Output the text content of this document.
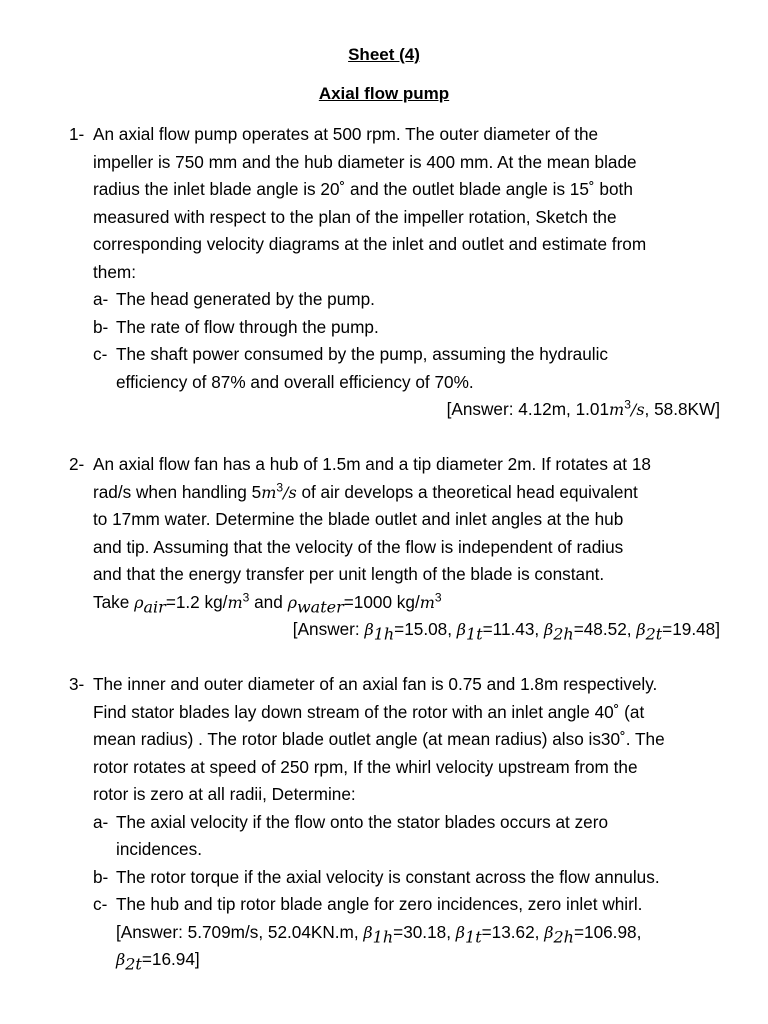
Sheet (4)
Axial flow pump
1- An axial flow pump operates at 500 rpm. The outer diameter of the
impeller is 750 mm and the hub diameter is 400 mm. At the mean blade
radius the inlet blade angle is 20˚ and the outlet blade angle is 15˚ both
measured with respect to the plan of the impeller rotation, Sketch the
corresponding velocity diagrams at the inlet and outlet and estimate from
them:
a- The head generated by the pump.
b- The rate of flow through the pump.
c- The shaft power consumed by the pump, assuming the hydraulic
efficiency of 87% and overall efficiency of 70%.
[Answer: 4.12m, $1.01m^3/s$, 58.8KW]
2- An axial flow fan has a hub of 1.5m and a tip diameter 2m. If rotates at 18
rad/s when handling $5m^3/s$ of air develops a theoretical head equivalent
to 17mm water. Determine the blade outlet and inlet angles at the hub
and tip. Assuming that the velocity of the flow is independent of radius
and that the energy transfer per unit length of the blade is constant.
Take $\rho_{air}=1.2$ $kg/m^3$ and $\rho_{water}=1000$ $kg/m^3$
[Answer: $\beta_{1h}=15.08$, $\beta_{1t}=11.43$, $\beta_{2h}=48.52$, $\beta_{2t}=19.48$]
3- The inner and outer diameter of an axial fan is 0.75 and 1.8m respectively.
Find stator blades lay down stream of the rotor with an inlet angle 40˚ (at
mean radius) . The rotor blade outlet angle (at mean radius) also is30˚. The
rotor rotates at speed of 250 rpm, If the whirl velocity upstream from the
rotor is zero at all radii, Determine:
a- The axial velocity if the flow onto the stator blades occurs at zero
incidences.
b- The rotor torque if the axial velocity is constant across the flow annulus.
c- The hub and tip rotor blade angle for zero incidences, zero inlet whirl.
[Answer: 5.709m/s, 52.04KN.m, $\beta_{1h}=30.18$, $\beta_{1t}=13.62$, $\beta_{2h}=106.98$,
$\beta_{2t}=16.94$]
